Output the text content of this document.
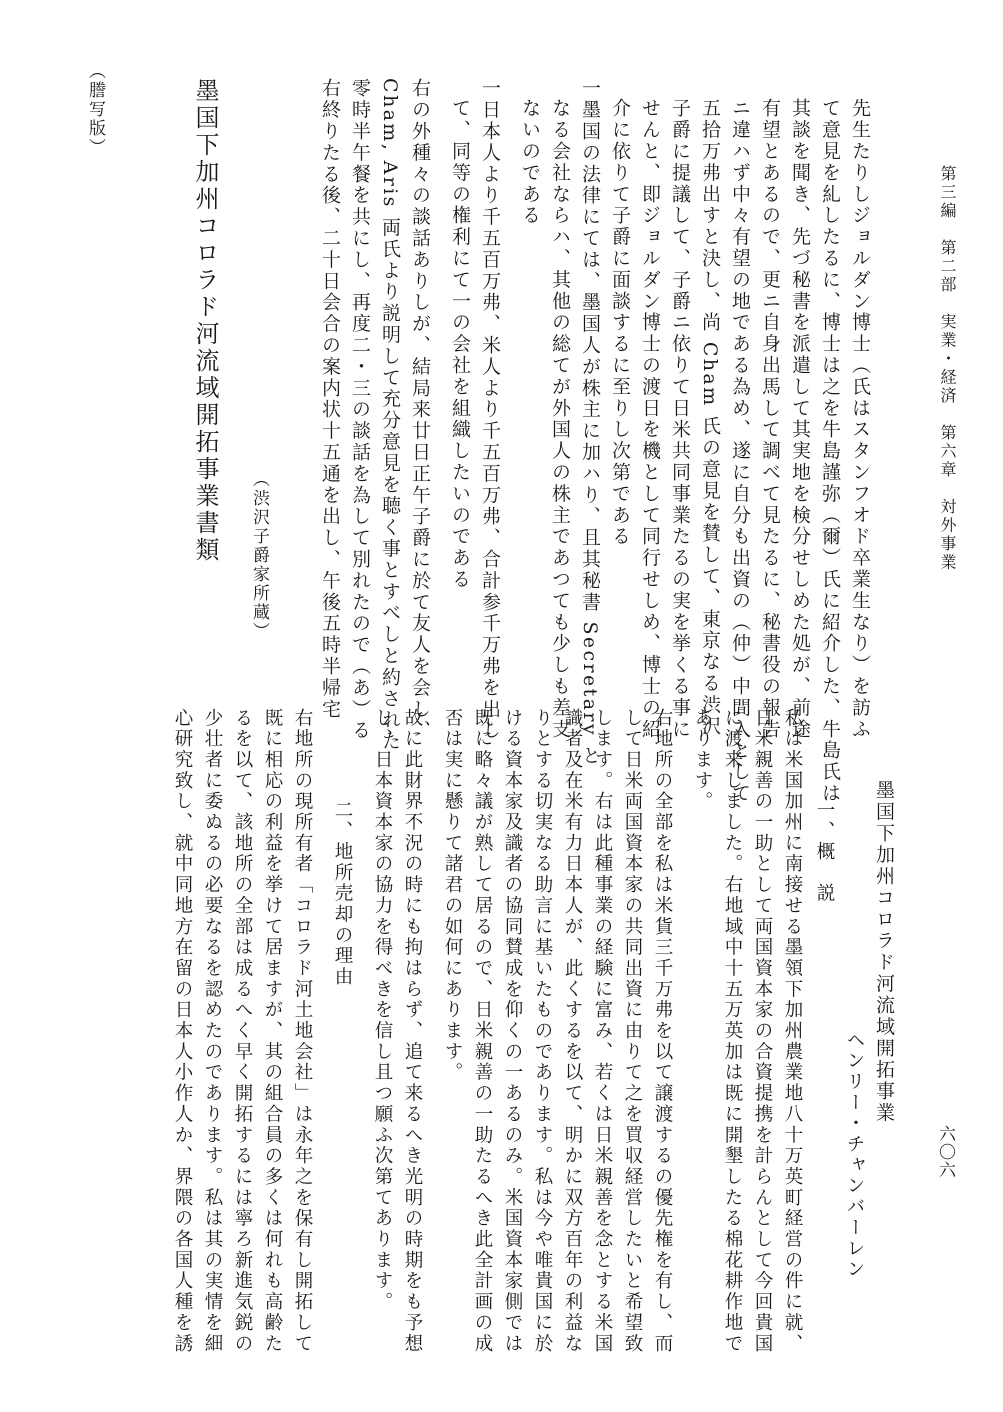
第三編　第二部　実業・経済　第六章　対外事業
六〇六
先生たりしジョルダン博士（氏はスタンフオド卒業生なり）を訪ふ
て意見を糺したるに、博士は之を牛島謹弥（爾）氏に紹介した、牛島氏は
其談を聞き、先づ秘書を派遣して其実地を検分せしめた処が、前途
有望とあるので、更ニ自身出馬して調べて見たるに、秘書役の報告
ニ違ハず中々有望の地である為め、遂に自分も出資の（仲）中間入として
五拾万弗出すと決し、尚 Cham 氏の意見を賛して、東京なる渋沢
子爵に提議して、子爵ニ依りて日米共同事業たるの実を挙くる事に
せんと、即ジョルダン博士の渡日を機として同行せしめ、博士の紹
介に依りて子爵に面談するに至りし次第である
一墨国の法律にては、墨国人が株主に加ハり、且其秘書 Secretary と
なる会社ならハ、其他の総てが外国人の株主であつても少しも差支
ないのである
一日本人より千五百万弗、米人より千五百万弗、合計参千万弗を出し
て、同等の権利にて一の会社を組織したいのである
右の外種々の談話ありしが、結局来廿日正午子爵に於て友人を会し、
Cham, Aris 両氏より説明して充分意見を聴く事とすべしと約された
零時半午餐を共にし、再度二・三の談話を為して別れたので（あ）る
右終りたる後、二十日会合の案内状十五通を出し、午後五時半帰宅
墨国下加州コロラド河流域開拓事業書類 （渋沢子爵家所蔵）
（謄写版）
墨国下加州コロラド河流域開拓事業
ヘンリー・チャンバーレン
一、概　説
私は米国加州に南接せる墨領下加州農業地八十万英町経営の件に就、
日米親善の一助として両国資本家の合資提携を計らんとして今回貴国
に渡来しました。右地域中十五万英加は既に開墾したる棉花耕作地で
あります。
右地所の全部を私は米貨三千万弗を以て譲渡するの優先権を有し、而
して日米両国資本家の共同出資に由りて之を買収経営したいと希望致
します。右は此種事業の経験に富み、若くは日米親善を念とする米国
識者及在米有力日本人が、此くするを以て、明かに双方百年の利益な
りとする切実なる助言に基いたものであります。私は今や唯貴国に於
ける資本家及識者の協同賛成を仰くの一あるのみ。米国資本家側では
既に略々議が熟して居るので、日米親善の一助たるへき此全計画の成
否は実に懸りて諸君の如何にあります。
故に此財界不況の時にも拘はらず、追て来るへき光明の時期をも予想
し、日本資本家の協力を得べきを信し且つ願ふ次第てあります。
二、地所売却の理由
右地所の現所有者「コロラド河土地会社」は永年之を保有し開拓して
既に相応の利益を挙けて居ますが、其の組合員の多くは何れも高齢た
るを以て、該地所の全部は成るへく早く開拓するには寧ろ新進気鋭の
少壮者に委ぬるの必要なるを認めたのであります。私は其の実情を細
心研究致し、就中同地方在留の日本人小作人か、界隈の各国人種を誘
